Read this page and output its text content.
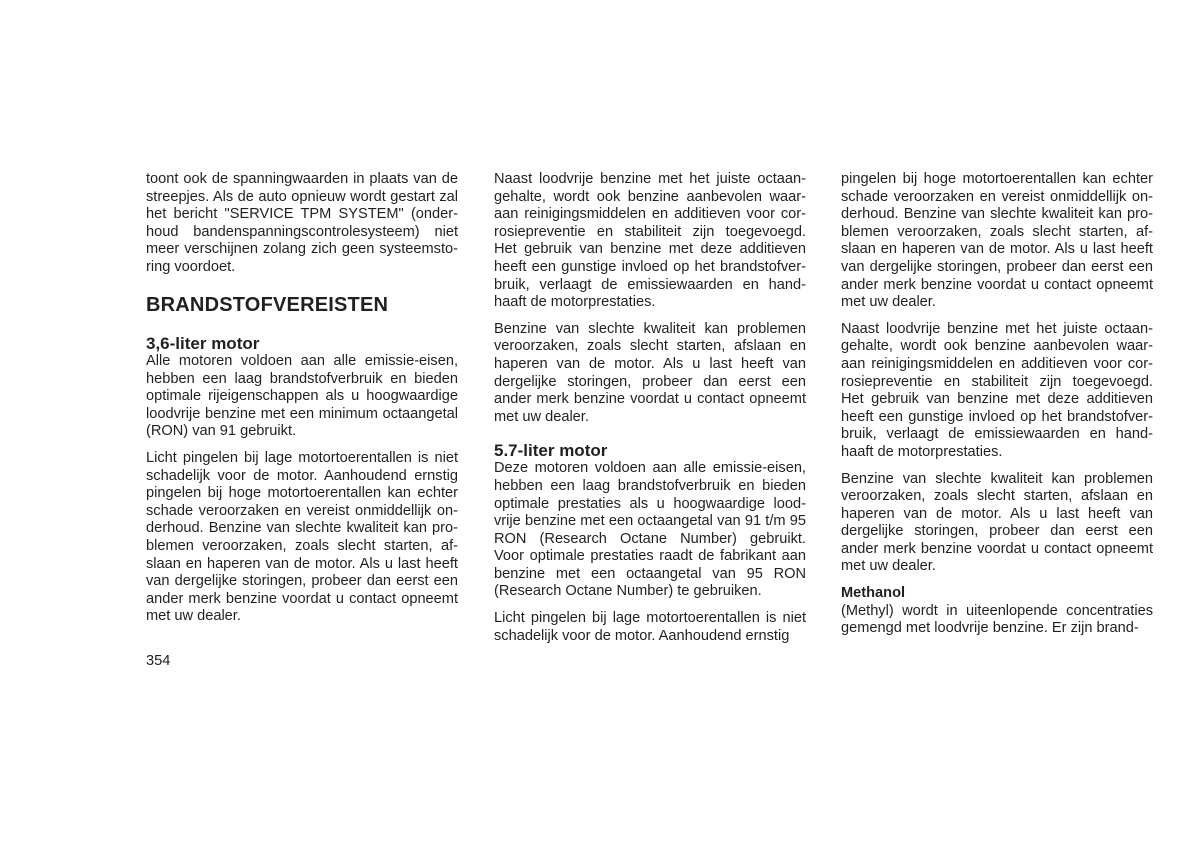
toont ook de spanningwaarden in plaats van de
streepjes. Als de auto opnieuw wordt gestart zal
het bericht "SERVICE TPM SYSTEM" (onder-
houd bandenspanningscontrolesysteem) niet
meer verschijnen zolang zich geen systeemsto-
ring voordoet.

BRANDSTOFVEREISTEN
3,6-liter motor

Alle motoren voldoen aan alle emissie-eisen,
hebben een laag brandstofverbruik en bieden
optimale rijeigenschappen als u hoogwaardige
loodvrije benzine met een minimum octaangetal
(RON) van 91 gebruikt.

Licht pingelen bij lage motortoerentallen is niet
schadelijk voor de motor. Aanhoudend ernstig
pingelen bij hoge motortoerentallen kan echter
schade veroorzaken en vereist onmiddellijk on-
derhoud. Benzine van slechte kwaliteit kan pro-
blemen veroorzaken, zoals slecht starten, af-
slaan en haperen van de motor. Als u last heeft
van dergelijke storingen, probeer dan eerst een
ander merk benzine voordat u contact opneemt
met uw dealer.

Naast loodvrije benzine met het juiste octaan-
gehalte, wordt ook benzine aanbevolen waar-
aan reinigingsmiddelen en additieven voor cor-
rosiepreventie en stabiliteit zijn toegevoegd.
Het gebruik van benzine met deze additieven
heeft een gunstige invloed op het brandstofver-
bruik, verlaagt de emissiewaarden en hand-
haaft de motorprestaties.

Benzine van slechte kwaliteit kan problemen
veroorzaken, zoals slecht starten, afslaan en
haperen van de motor. Als u last heeft van
dergelijke storingen, probeer dan eerst een
ander merk benzine voordat u contact opneemt
met uw dealer.

5.7-liter motor

Deze motoren voldoen aan alle emissie-eisen,
hebben een laag brandstofverbruik en bieden
optimale prestaties als u hoogwaardige lood-
vrije benzine met een octaangetal van 91 t/m 95
RON (Research Octane Number) gebruikt.
Voor optimale prestaties raadt de fabrikant aan
benzine met een octaangetal van 95 RON
(Research Octane Number) te gebruiken.

Licht pingelen bij lage motortoerentallen is niet
schadelijk voor de motor. Aanhoudend ernstig

pingelen bij hoge motortoerentallen kan echter
schade veroorzaken en vereist onmiddellijk on-
derhoud. Benzine van slechte kwaliteit kan pro-
blemen veroorzaken, zoals slecht starten, af-
slaan en haperen van de motor. Als u last heeft
van dergelijke storingen, probeer dan eerst een
ander merk benzine voordat u contact opneemt
met uw dealer.

Naast loodvrije benzine met het juiste octaan-
gehalte, wordt ook benzine aanbevolen waar-
aan reinigingsmiddelen en additieven voor cor-
rosiepreventie en stabiliteit zijn toegevoegd.
Het gebruik van benzine met deze additieven
heeft een gunstige invloed op het brandstofver-
bruik, verlaagt de emissiewaarden en hand-
haaft de motorprestaties.

Benzine van slechte kwaliteit kan problemen
veroorzaken, zoals slecht starten, afslaan en
haperen van de motor. Als u last heeft van
dergelijke storingen, probeer dan eerst een
ander merk benzine voordat u contact opneemt
met uw dealer.

Methanol

(Methyl) wordt in uiteenlopende concentraties
gemengd met loodvrije benzine. Er zijn brand-

354
